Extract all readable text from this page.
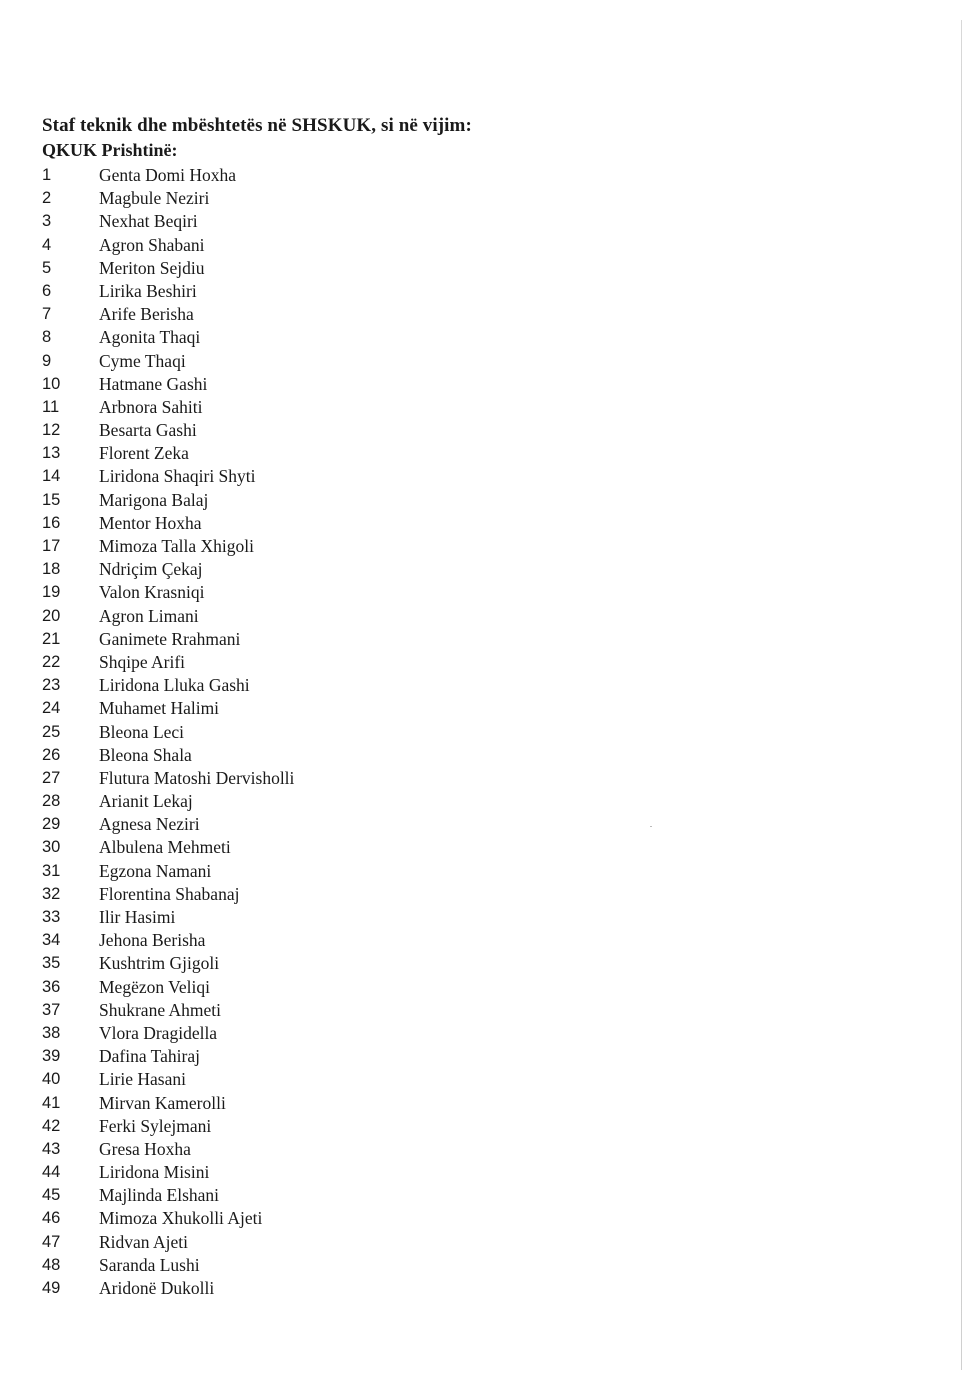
Staf teknik dhe mbështetës në SHSKUK, si në vijim:

QKUK Prishtinë:

1	Genta Domi Hoxha
2	Magbule Neziri
3	Nexhat Beqiri
4	Agron Shabani
5	Meriton Sejdiu
6	Lirika Beshiri
7	Arife Berisha
8	Agonita Thaqi
9	Cyme Thaqi
10	Hatmane Gashi
11	Arbnora Sahiti
12	Besarta Gashi
13	Florent Zeka
14	Liridona Shaqiri Shyti
15	Marigona Balaj
16	Mentor Hoxha
17	Mimoza Talla Xhigoli
18	Ndriçim Çekaj
19	Valon Krasniqi
20	Agron Limani
21	Ganimete Rrahmani
22	Shqipe Arifi
23	Liridona Lluka Gashi
24	Muhamet Halimi
25	Bleona Leci
26	Bleona Shala
27	Flutura Matoshi Dervisholli
28	Arianit Lekaj
29	Agnesa Neziri
30	Albulena Mehmeti
31	Egzona Namani
32	Florentina Shabanaj
33	Ilir Hasimi
34	Jehona Berisha
35	Kushtrim Gjigoli
36	Megëzon Veliqi
37	Shukrane Ahmeti
38	Vlora Dragidella
39	Dafina Tahiraj
40	Lirie Hasani
41	Mirvan Kamerolli
42	Ferki Sylejmani
43	Gresa Hoxha
44	Liridona Misini
45	Majlinda Elshani
46	Mimoza Xhukolli Ajeti
47	Ridvan Ajeti
48	Saranda Lushi
49	Aridonë Dukolli
